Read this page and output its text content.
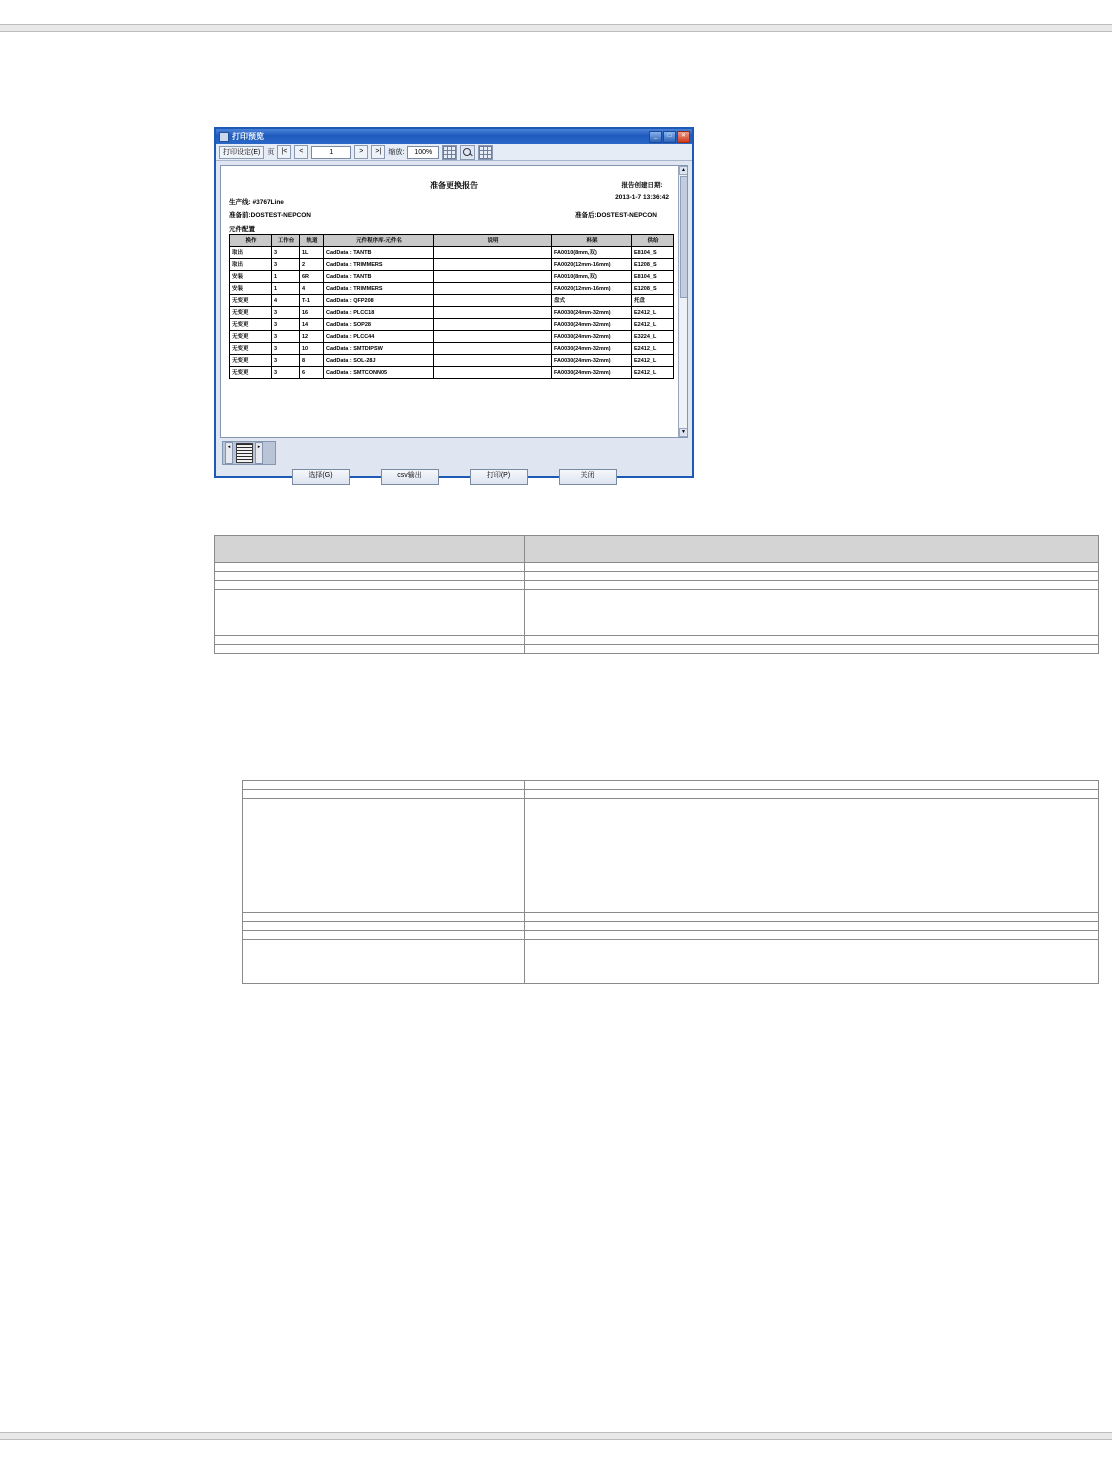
打印预览	_	□	✕
打印设定(E)	页	|<	<	1	>	>|	缩放:	100%
报告创建日期:
2013-1-7 13:36:42
准备更换报告
生产线: #3767Line
准备前:DOSTEST-NEPCON	准备后:DOSTEST-NEPCON
元件配置
换作	工作台	轨道	元件程序库-元件名	说明	料架	供给
取出	3	1L	CadData : TANTB		FA0010(8mm,双)	E8104_S
取出	3	2	CadData : TRIMMERS		FA0020(12mm-16mm)	E1208_S
安装	1	6R	CadData : TANTB		FA0010(8mm,双)	E8104_S
安装	1	4	CadData : TRIMMERS		FA0020(12mm-16mm)	E1208_S
无变更	4	T-1	CadData : QFP208		盘式	托盘
无变更	3	16	CadData : PLCC18		FA0030(24mm-32mm)	E2412_L
无变更	3	14	CadData : SOP28		FA0030(24mm-32mm)	E2412_L
无变更	3	12	CadData : PLCC44		FA0030(24mm-32mm)	E3224_L
无变更	3	10	CadData : SMTDIPSW		FA0030(24mm-32mm)	E2412_L
无变更	3	8	CadData : SOL-28J		FA0030(24mm-32mm)	E2412_L
无变更	3	6	CadData : SMTCONN05		FA0030(24mm-32mm)	E2412_L
▲
▼
◂	▸
选择(G)	csv输出	打印(P)	关闭
